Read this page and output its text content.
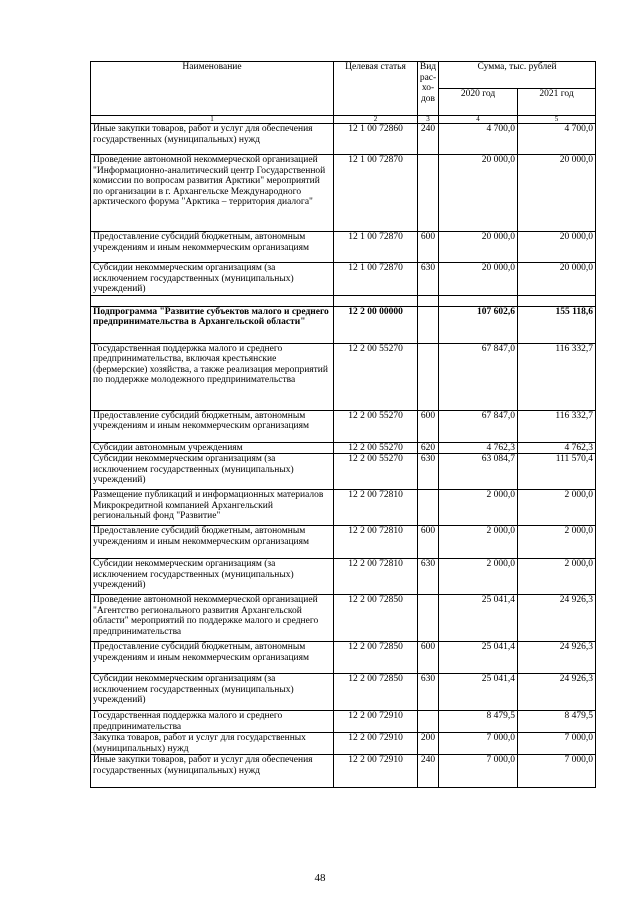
Наименование	Целевая статья	Вид рас-хо-дов	Сумма, тыс. рублей	
			2020 год	2021 год
1	2	3	4	5
Иные закупки товаров, работ и услуг для обеспечения государственных (муниципальных) нужд	12 1 00 72860	240	4 700,0	4 700,0
Проведение автономной некоммерческой организацией "Информационно-аналитический центр Государственной комиссии по вопросам развития Арктики" мероприятий по организации в г. Архангельске Международного арктического форума "Арктика – территория диалога"	12 1 00 72870		20 000,0	20 000,0
Предоставление субсидий бюджетным, автономным учреждениям и иным некоммерческим организациям	12 1 00 72870	600	20 000,0	20 000,0
Субсидии некоммерческим организациям (за исключением государственных (муниципальных) учреждений)	12 1 00 72870	630	20 000,0	20 000,0

Подпрограмма "Развитие субъектов малого и среднего предпринимательства в Архангельской области"	12 2 00 00000		107 602,6	155 118,6
Государственная поддержка малого и среднего предпринимательства, включая крестьянские (фермерские) хозяйства, а также реализация мероприятий по поддержке молодежного предпринимательства	12 2 00 55270		67 847,0	116 332,7
Предоставление субсидий бюджетным, автономным учреждениям и иным некоммерческим организациям	12 2 00 55270	600	67 847,0	116 332,7
Субсидии автономным учреждениям	12 2 00 55270	620	4 762,3	4 762,3
Субсидии некоммерческим организациям (за исключением государственных (муниципальных) учреждений)	12 2 00 55270	630	63 084,7	111 570,4
Размещение публикаций и информационных материалов Микрокредитной компанией Архангельский региональный фонд "Развитие"	12 2 00 72810		2 000,0	2 000,0
Предоставление субсидий бюджетным, автономным учреждениям и иным некоммерческим организациям	12 2 00 72810	600	2 000,0	2 000,0
Субсидии некоммерческим организациям (за исключением государственных (муниципальных) учреждений)	12 2 00 72810	630	2 000,0	2 000,0
Проведение автономной некоммерческой организацией "Агентство регионального развития Архангельской области" мероприятий по поддержке малого и среднего предпринимательства	12 2 00 72850		25 041,4	24 926,3
Предоставление субсидий бюджетным, автономным учреждениям и иным некоммерческим организациям	12 2 00 72850	600	25 041,4	24 926,3
Субсидии некоммерческим организациям (за исключением государственных (муниципальных) учреждений)	12 2 00 72850	630	25 041,4	24 926,3
Государственная поддержка малого и среднего предпринимательства	12 2 00 72910		8 479,5	8 479,5
Закупка товаров, работ и услуг для государственных (муниципальных) нужд	12 2 00 72910	200	7 000,0	7 000,0
Иные закупки товаров, работ и услуг для обеспечения государственных (муниципальных) нужд	12 2 00 72910	240	7 000,0	7 000,0
48
